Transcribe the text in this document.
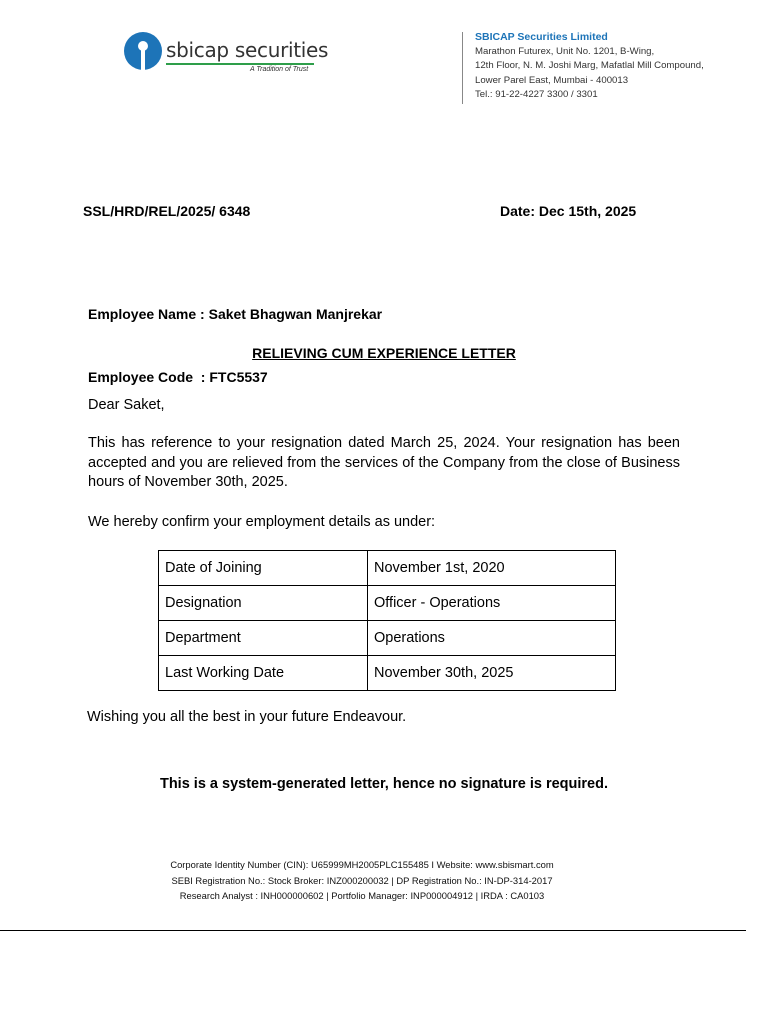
sbicap securities
A Tradition of Trust
SBICAP Securities Limited
Marathon Futurex, Unit No. 1201, B-Wing,
12th Floor, N. M. Joshi Marg, Mafatlal Mill Compound,
Lower Parel East, Mumbai - 400013
Tel.: 91-22-4227 3300 / 3301
SSL/HRD/REL/2025/ 6348	Date: Dec 15th, 2025

Employee Name : Saket Bhagwan Manjrekar

Employee Code  : FTC5537

RELIEVING CUM EXPERIENCE LETTER
Dear Saket,
This has reference to your resignation dated March 25, 2024. Your resignation has been accepted and you are relieved from the services of the Company from the close of Business hours of November 30th, 2025.
We hereby confirm your employment details as under:
Date of Joining	November 1st, 2020
Designation	Officer - Operations
Department	Operations
Last Working Date	November 30th, 2025
Wishing you all the best in your future Endeavour.
This is a system-generated letter, hence no signature is required.
Corporate Identity Number (CIN): U65999MH2005PLC155485 I Website: www.sbismart.com
SEBI Registration No.: Stock Broker: INZ000200032 | DP Registration No.: IN-DP-314-2017
Research Analyst : INH000000602 | Portfolio Manager: INP000004912 | IRDA : CA0103
